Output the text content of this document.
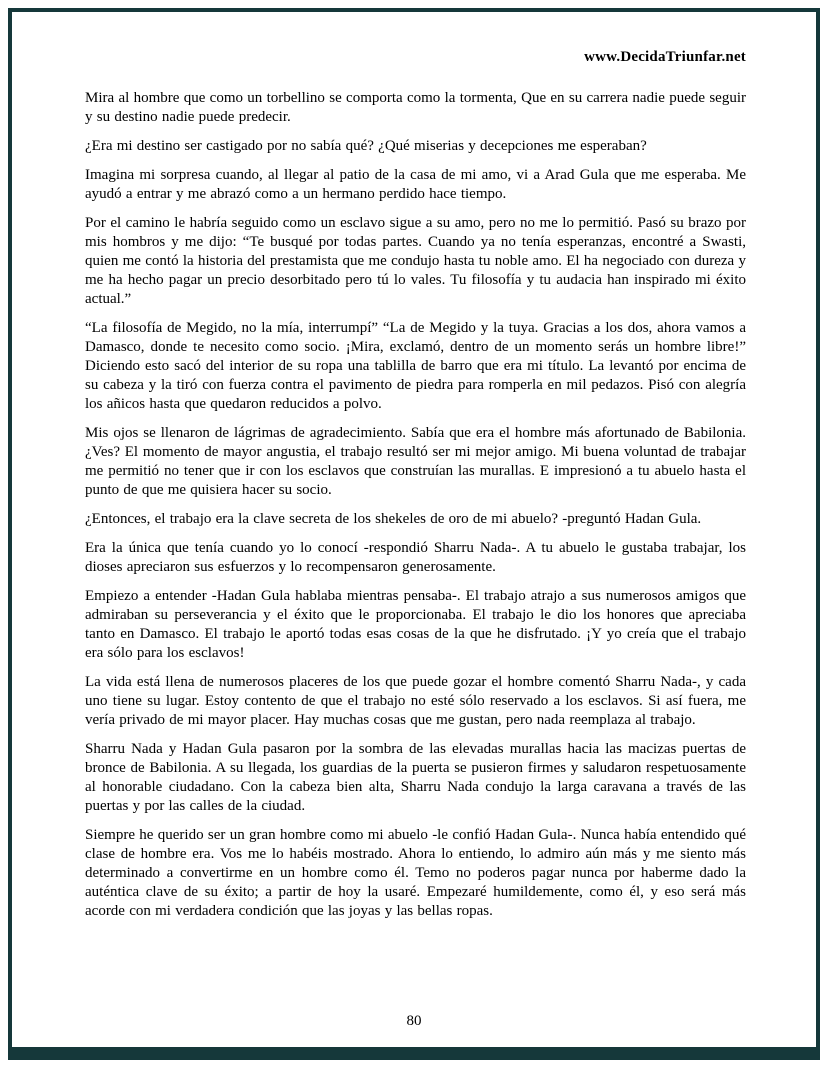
www.DecidaTriunfar.net

Mira al hombre que como un torbellino se comporta como la tormenta, Que en su carrera nadie puede seguir y su destino nadie puede predecir.

¿Era mi destino ser castigado por no sabía qué? ¿Qué miserias y decepciones me esperaban?

Imagina mi sorpresa cuando, al llegar al patio de la casa de mi amo, vi a Arad Gula que me esperaba. Me ayudó a entrar y me abrazó como a un hermano perdido hace tiempo.

Por el camino le habría seguido como un esclavo sigue a su amo, pero no me lo permitió. Pasó su brazo por mis hombros y me dijo: “Te busqué por todas partes. Cuando ya no tenía esperanzas, encontré a Swasti, quien me contó la historia del prestamista que me condujo hasta tu noble amo. El ha negociado con dureza y me ha hecho pagar un precio desorbitado pero tú lo vales. Tu filosofía y tu audacia han inspirado mi éxito actual.”

“La filosofía de Megido, no la mía, interrumpí” “La de Megido y la tuya. Gracias a los dos, ahora vamos a Damasco, donde te necesito como socio. ¡Mira, exclamó, dentro de un momento serás un hombre libre!” Diciendo esto sacó del interior de su ropa una tablilla de barro que era mi título. La levantó por encima de su cabeza y la tiró con fuerza contra el pavimento de piedra para romperla en mil pedazos. Pisó con alegría los añicos hasta que quedaron reducidos a polvo.

Mis ojos se llenaron de lágrimas de agradecimiento. Sabía que era el hombre más afortunado de Babilonia. ¿Ves? El momento de mayor angustia, el trabajo resultó ser mi mejor amigo. Mi buena voluntad de trabajar me permitió no tener que ir con los esclavos que construían las murallas. E impresionó a tu abuelo hasta el punto de que me quisiera hacer su socio.

¿Entonces, el trabajo era la clave secreta de los shekeles de oro de mi abuelo? -preguntó Hadan Gula.

Era la única que tenía cuando yo lo conocí -respondió Sharru Nada-. A tu abuelo le gustaba trabajar, los dioses apreciaron sus esfuerzos y lo recompensaron generosamente.

Empiezo a entender -Hadan Gula hablaba mientras pensaba-. El trabajo atrajo a sus numerosos amigos que admiraban su perseverancia y el éxito que le proporcionaba. El trabajo le dio los honores que apreciaba tanto en Damasco. El trabajo le aportó todas esas cosas de la que he disfrutado. ¡Y yo creía que el trabajo era sólo para los esclavos!

La vida está llena de numerosos placeres de los que puede gozar el hombre comentó Sharru Nada-, y cada uno tiene su lugar. Estoy contento de que el trabajo no esté sólo reservado a los esclavos. Si así fuera, me vería privado de mi mayor placer. Hay muchas cosas que me gustan, pero nada reemplaza al trabajo.

Sharru Nada y Hadan Gula pasaron por la sombra de las elevadas murallas hacia las macizas puertas de bronce de Babilonia. A su llegada, los guardias de la puerta se pusieron firmes y saludaron respetuosamente al honorable ciudadano. Con la cabeza bien alta, Sharru Nada condujo la larga caravana a través de las puertas y por las calles de la ciudad.

Siempre he querido ser un gran hombre como mi abuelo -le confió Hadan Gula-. Nunca había entendido qué clase de hombre era. Vos me lo habéis mostrado. Ahora lo entiendo, lo admiro aún más y me siento más determinado a convertirme en un hombre como él. Temo no poderos pagar nunca por haberme dado la auténtica clave de su éxito; a partir de hoy la usaré. Empezaré humildemente, como él, y eso será más acorde con mi verdadera condición que las joyas y las bellas ropas.

80
